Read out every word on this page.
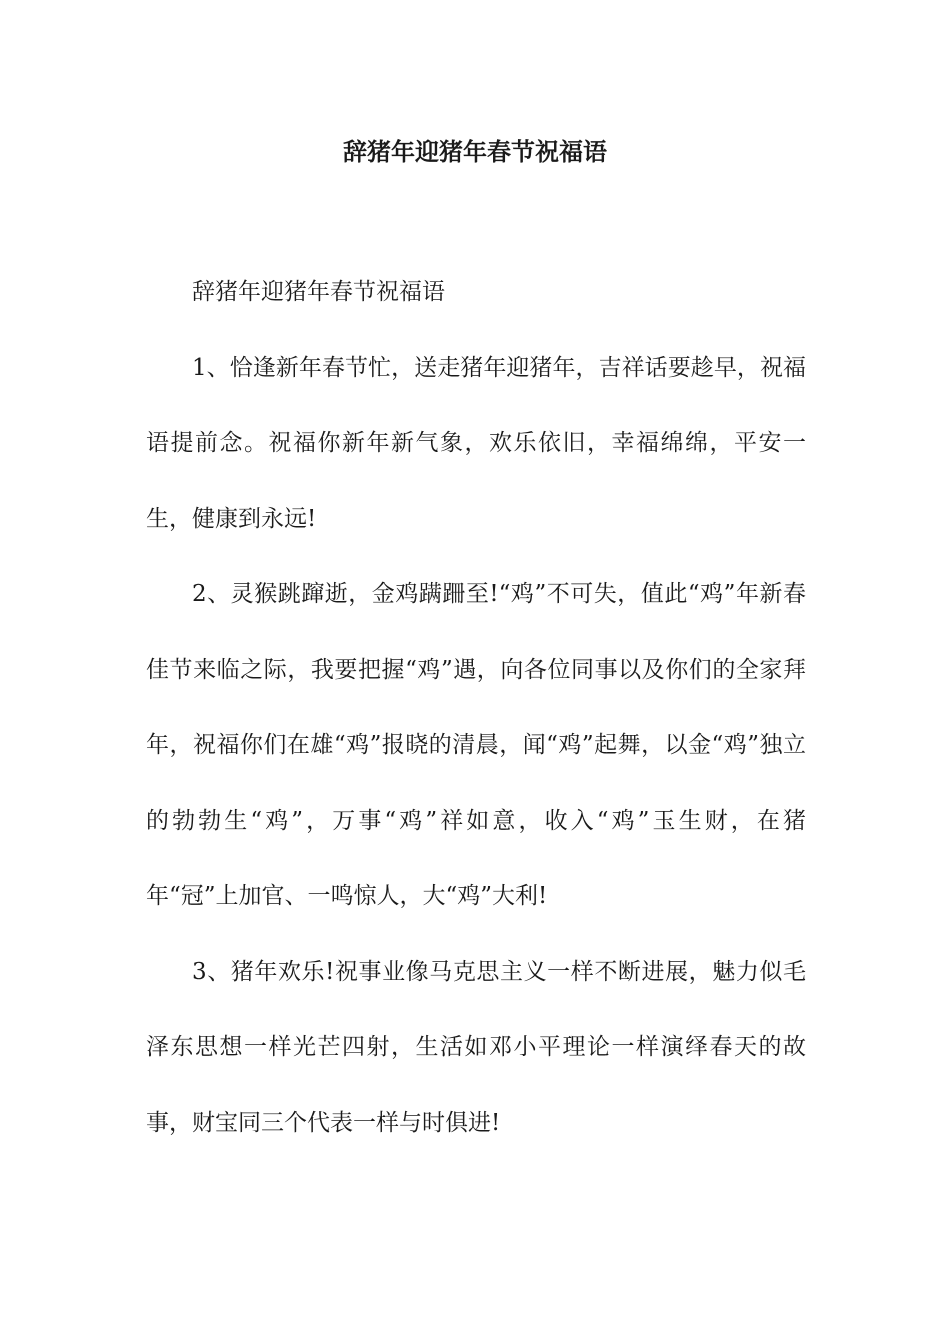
辞猪年迎猪年春节祝福语

辞猪年迎猪年春节祝福语

1、恰逢新年春节忙，送走猪年迎猪年，吉祥话要趁早，祝福语提前念。祝福你新年新气象，欢乐依旧，幸福绵绵，平安一生，健康到永远!

2、灵猴跳蹿逝，金鸡蹒跚至!“鸡”不可失，值此“鸡”年新春佳节来临之际，我要把握“鸡”遇，向各位同事以及你们的全家拜年，祝福你们在雄“鸡”报晓的清晨，闻“鸡”起舞，以金“鸡”独立的勃勃生“鸡”，万事“鸡”祥如意，收入“鸡”玉生财，在猪年“冠”上加官、一鸣惊人，大“鸡”大利!

3、猪年欢乐!祝事业像马克思主义一样不断进展，魅力似毛泽东思想一样光芒四射，生活如邓小平理论一样演绎春天的故事，财宝同三个代表一样与时俱进!
